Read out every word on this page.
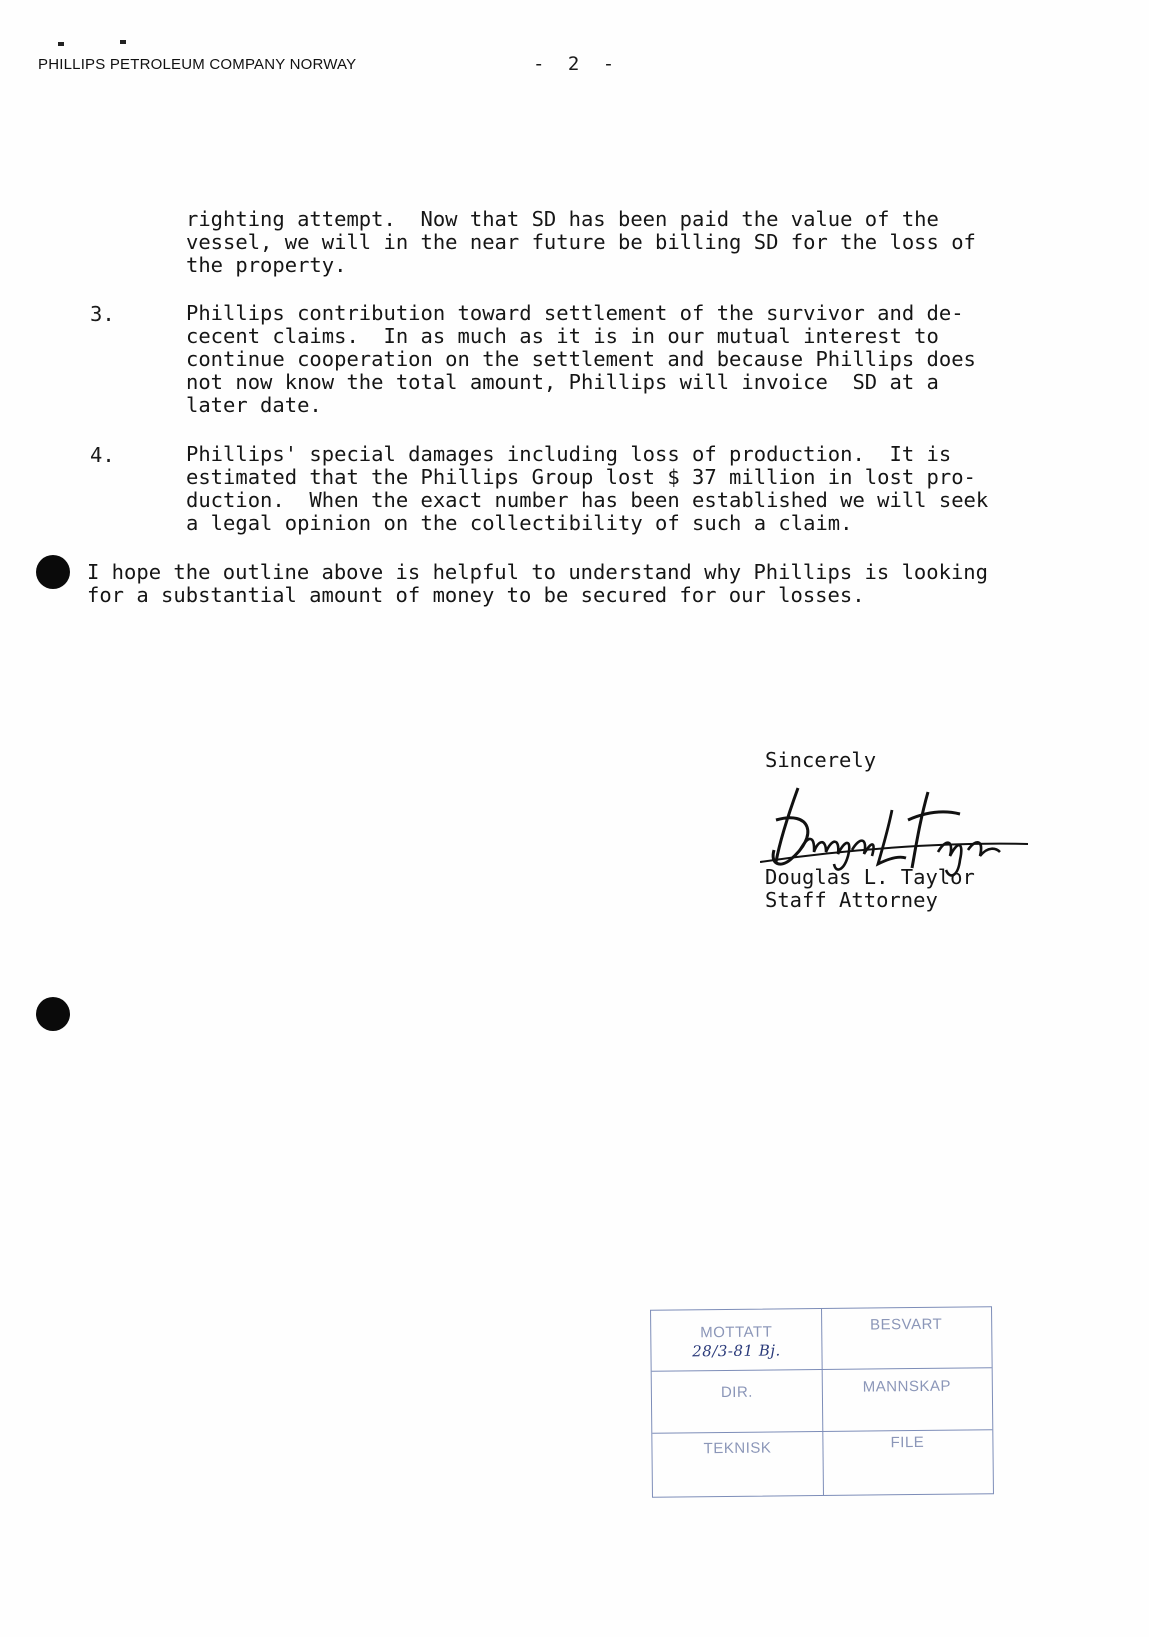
PHILLIPS PETROLEUM COMPANY NORWAY	- 2 -
righting attempt.  Now that SD has been paid the value of the
vessel, we will in the near future be billing SD for the loss of
the property.
3.	Phillips contribution toward settlement of the survivor and de-
cecent claims.  In as much as it is in our mutual interest to
continue cooperation on the settlement and because Phillips does
not now know the total amount, Phillips will invoice  SD at a
later date.
4.	Phillips' special damages including loss of production.  It is
estimated that the Phillips Group lost $ 37 million in lost pro-
duction.  When the exact number has been established we will seek
a legal opinion on the collectibility of such a claim.
I hope the outline above is helpful to understand why Phillips is looking
for a substantial amount of money to be secured for our losses.
Sincerely
Douglas L. Taylor
Staff Attorney
MOTTATT	BESVART
28/3-81 Bj.
DIR.	MANNSKAP
TEKNISK	FILE
